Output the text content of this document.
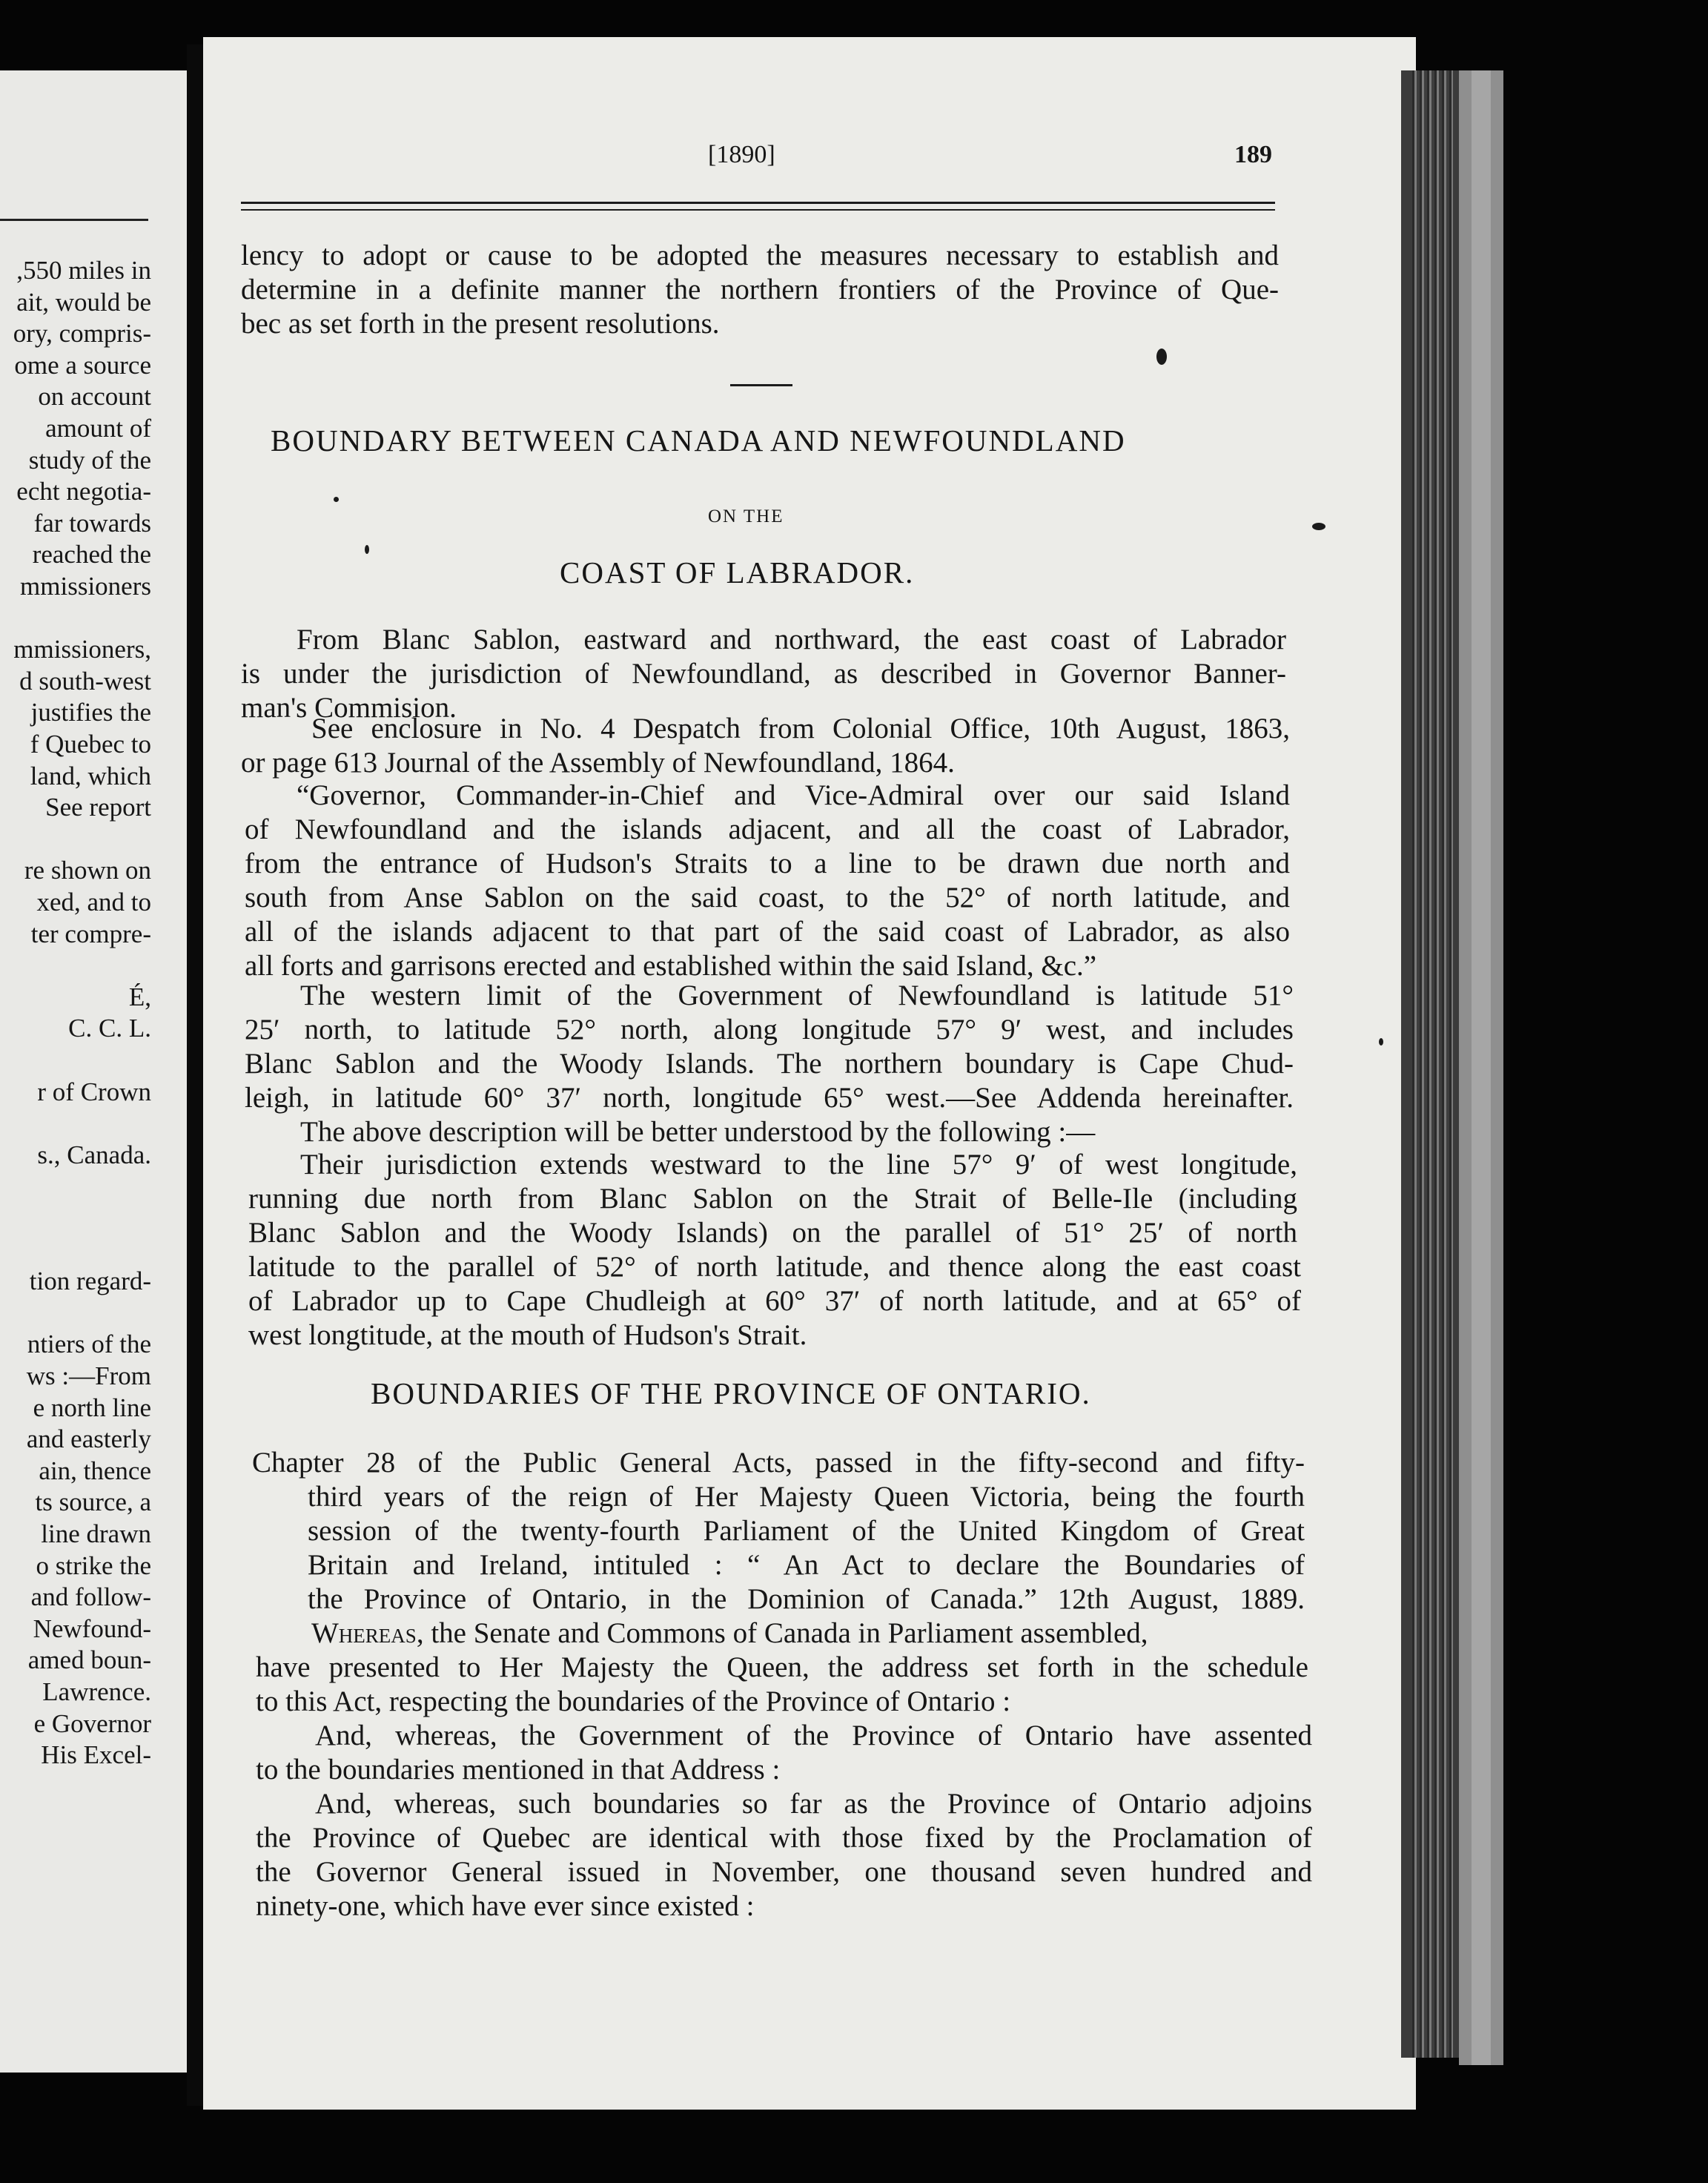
,550 miles in
ait, would be
ory, compris-
ome a source
on account
amount of
study of the
echt negotia-
far towards
reached the
mmissioners
mmissioners,
d south-west
justifies the
f Quebec to
land, which
See report
re shown on
xed, and to
ter compre-
É,
C. C. L.
r of Crown
s., Canada.
tion regard-
ntiers of the
ws :—From
e north line
and easterly
ain, thence
ts source, a
line drawn
o strike the
and follow-
Newfound-
amed boun-
Lawrence.
e Governor
His Excel-
[1890]	189
lency to adopt or cause to be adopted the measures necessary to establish and
determine in a definite manner the northern frontiers of the Province of Que-
bec as set forth in the present resolutions.
BOUNDARY BETWEEN CANADA AND NEWFOUNDLAND
ON THE
COAST OF LABRADOR.
From Blanc Sablon, eastward and northward, the east coast of Labrador
is under the jurisdiction of Newfoundland, as described in Governor Banner-
man's Commision.
See enclosure in No. 4 Despatch from Colonial Office, 10th August, 1863,
or page 613 Journal of the Assembly of Newfoundland, 1864.
“Governor, Commander-in-Chief and Vice-Admiral over our said Island
of Newfoundland and the islands adjacent, and all the coast of Labrador,
from the entrance of Hudson's Straits to a line to be drawn due north and
south from Anse Sablon on the said coast, to the 52° of north latitude, and
all of the islands adjacent to that part of the said coast of Labrador, as also
all forts and garrisons erected and established within the said Island, &c.”
The western limit of the Government of Newfoundland is latitude 51°
25′ north, to latitude 52° north, along longitude 57° 9′ west, and includes
Blanc Sablon and the Woody Islands. The northern boundary is Cape Chud-
leigh, in latitude 60° 37′ north, longitude 65° west.—See Addenda hereinafter.
The above description will be better understood by the following :—
Their jurisdiction extends westward to the line 57° 9′ of west longitude,
running due north from Blanc Sablon on the Strait of Belle-Ile (including
Blanc Sablon and the Woody Islands) on the parallel of 51° 25′ of north
latitude to the parallel of 52° of north latitude, and thence along the east coast
of Labrador up to Cape Chudleigh at 60° 37′ of north latitude, and at 65° of
west longtitude, at the mouth of Hudson's Strait.
BOUNDARIES OF THE PROVINCE OF ONTARIO.
Chapter 28 of the Public General Acts, passed in the fifty-second and fifty-
third years of the reign of Her Majesty Queen Victoria, being the fourth
session of the twenty-fourth Parliament of the United Kingdom of Great
Britain and Ireland, intituled : “ An Act to declare the Boundaries of
the Province of Ontario, in the Dominion of Canada.” 12th August, 1889.
Whereas, the Senate and Commons of Canada in Parliament assembled,
have presented to Her Majesty the Queen, the address set forth in the schedule
to this Act, respecting the boundaries of the Province of Ontario :
And, whereas, the Government of the Province of Ontario have assented
to the boundaries mentioned in that Address :
And, whereas, such boundaries so far as the Province of Ontario adjoins
the Province of Quebec are identical with those fixed by the Proclamation of
the Governor General issued in November, one thousand seven hundred and
ninety-one, which have ever since existed :
